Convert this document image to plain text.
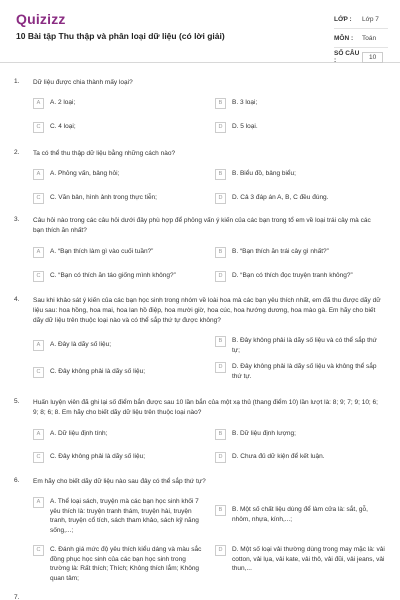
Quizizz
10 Bài tập Thu thập và phân loại dữ liệu (có lời giải)
LỚP :	Lớp 7
MÔN :	Toán
SỐ CÂU :	10
1. Dữ liệu được chia thành mấy loại?
A	A. 2 loại;	B	B. 3 loại;
C	C. 4 loại;	D	D. 5 loại.
2. Ta có thể thu thập dữ liệu bằng những cách nào?
A	A. Phỏng vấn, bảng hỏi;	B	B. Biểu đồ, bảng biểu;
C	C. Văn bản, hình ảnh trong thực tiễn;	D	D. Cả 3 đáp án A, B, C đều đúng.
3. Câu hỏi nào trong các câu hỏi dưới đây phù hợp để phỏng vấn ý kiến của các bạn trong tổ em về loại trái cây mà các bạn thích ăn nhất?
A	A. “Bạn thích làm gì vào cuối tuần?”	B	B. “Bạn thích ăn trái cây gì nhất?”
C	C. “Bạn có thích ăn táo giống mình không?”	D	D. “Bạn có thích đọc truyện tranh không?”
4. Sau khi khảo sát ý kiến của các bạn học sinh trong nhóm về loài hoa mà các bạn yêu thích nhất, em đã thu được dãy dữ liệu sau: hoa hồng, hoa mai, hoa lan hồ điệp, hoa mười giờ, hoa cúc, hoa hướng dương, hoa mào gà. Em hãy cho biết dãy dữ liệu trên thuộc loại nào và có thể sắp thứ tự được không?
A	A. Đây là dãy số liệu;	B	B. Đây không phải là dãy số liệu và có thể sắp thứ tự;
C	C. Đây không phải là dãy số liệu;
D	D. Đây không phải là dãy số liệu và không thể sắp thứ tự.
5. Huấn luyện viên đã ghi lại số điểm bắn được sau 10 lần bắn của một xạ thủ (thang điểm 10) lần lượt là: 8; 9; 7; 9; 10; 6; 9; 8; 6; 8. Em hãy cho biết dãy dữ liệu trên thuộc loại nào?
A	A. Dữ liệu định tính;	B	B. Dữ liệu định lượng;
C	C. Đây không phải là dãy số liệu;	D	D. Chưa đủ dữ kiện để kết luận.
6. Em hãy cho biết dãy dữ liệu nào sau đây có thể sắp thứ tự?
A	A. Thể loại sách, truyện mà các bạn học sinh khối 7 yêu thích là: truyện tranh thám, truyện hài, truyện tranh, truyện cổ tích, sách tham khảo, sách kỹ năng sống,...;
B	B. Một số chất liệu dùng để làm cửa là: sắt, gỗ, nhôm, nhựa, kính,...;
C	C. Đánh giá mức độ yêu thích kiểu dáng và màu sắc đồng phục học sinh của các bạn học sinh trong trường là: Rất thích; Thích; Không thích lắm; Không quan tâm;
D	D. Một số loại vải thường dùng trong may mặc là: vải cotton, vải lụa, vải kate, vải thô, vải đũi, vải jeans, vải thun,...
7.
